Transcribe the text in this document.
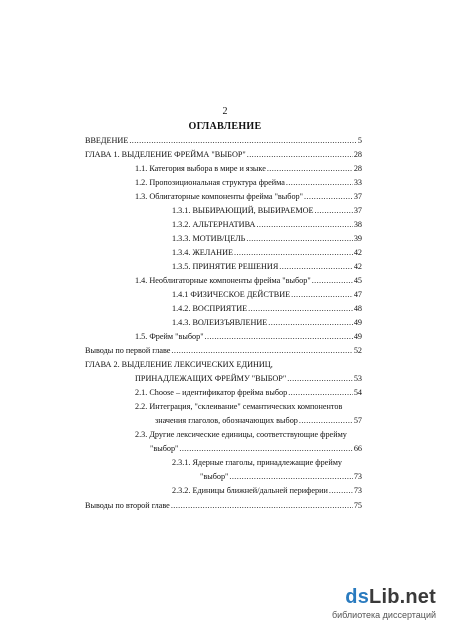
2
ОГЛАВЛЕНИЕ
ВВЕДЕНИЕ .....	5
ГЛАВА 1. ВЫДЕЛЕНИЕ ФРЕЙМА "ВЫБОР" .....	28
1.1. Категория выбора в мире и языке .....	28
1.2. Пропозициональная структура фрейма .....	33
1.3. Облигаторные компоненты фрейма "выбор" .....	37
1.3.1. ВЫБИРАЮЩИЙ, ВЫБИРАЕМОЕ .....	37
1.3.2. АЛЬТЕРНАТИВА .....	38
1.3.3. МОТИВ/ЦЕЛЬ .....	39
1.3.4. ЖЕЛАНИЕ .....	42
1.3.5. ПРИНЯТИЕ РЕШЕНИЯ .....	42
1.4. Необлигаторные компоненты фрейма "выбор" .....	45
1.4.1 ФИЗИЧЕСКОЕ ДЕЙСТВИЕ .....	47
1.4.2. ВОСПРИЯТИЕ .....	48
1.4.3. ВОЛЕИЗЪЯВЛЕНИЕ .....	49
1.5. Фрейм "выбор" .....	49
Выводы по первой главе .....	52
ГЛАВА 2. ВЫДЕЛЕНИЕ ЛЕКСИЧЕСКИХ ЕДИНИЦ,
ПРИНАДЛЕЖАЩИХ ФРЕЙМУ "ВЫБОР" .....	53
2.1. Choose – идентификатор фрейма выбор .....	54
2.2. Интеграция, "склеивание" семантических компонентов
значения глаголов, обозначающих выбор .....	57
2.3. Другие лексические единицы, соответствующие фрейму
"выбор" .....	66
2.3.1. Ядерные глаголы, принадлежащие фрейму
"выбор" .....	73
2.3.2. Единицы ближней/дальней периферии .....	73
Выводы по второй главе .....	75
dsLib.net
библиотека диссертаций
